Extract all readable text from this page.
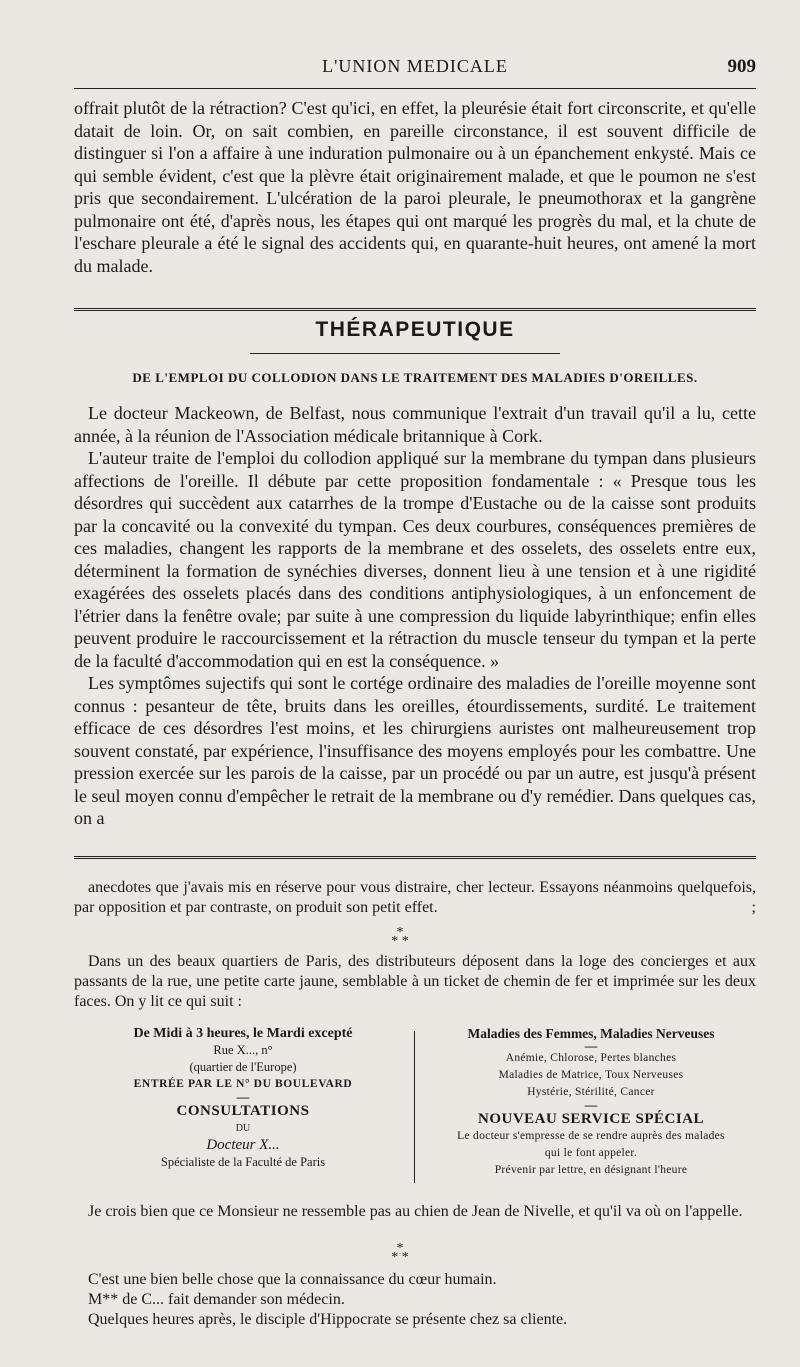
L'UNION MEDICALE	909

offrait plutôt de la rétraction? C'est qu'ici, en effet, la pleurésie était fort circonscrite, et qu'elle datait de loin. Or, on sait combien, en pareille circonstance, il est souvent difficile de distinguer si l'on a affaire à une induration pulmonaire ou à un épanchement enkysté. Mais ce qui semble évident, c'est que la plèvre était originairement malade, et que le poumon ne s'est pris que secondairement. L'ulcération de la paroi pleurale, le pneumothorax et la gangrène pulmonaire ont été, d'après nous, les étapes qui ont marqué les progrès du mal, et la chute de l'eschare pleurale a été le signal des accidents qui, en quarante-huit heures, ont amené la mort du malade.

THÉRAPEUTIQUE
DE L'EMPLOI DU COLLODION DANS LE TRAITEMENT DES MALADIES D'OREILLES.

Le docteur Mackeown, de Belfast, nous communique l'extrait d'un travail qu'il a lu, cette année, à la réunion de l'Association médicale britannique à Cork.

L'auteur traite de l'emploi du collodion appliqué sur la membrane du tympan dans plusieurs affections de l'oreille. Il débute par cette proposition fondamentale : « Presque tous les désordres qui succèdent aux catarrhes de la trompe d'Eustache ou de la caisse sont produits par la concavité ou la convexité du tympan. Ces deux courbures, conséquences premières de ces maladies, changent les rapports de la membrane et des osselets, des osselets entre eux, déterminent la formation de synéchies diverses, donnent lieu à une tension et à une rigidité exagérées des osselets placés dans des conditions antiphysiologiques, à un enfoncement de l'étrier dans la fenêtre ovale; par suite à une compression du liquide labyrinthique; enfin elles peuvent produire le raccourcissement et la rétraction du muscle tenseur du tympan et la perte de la faculté d'accommodation qui en est la conséquence. »

Les symptômes sujectifs qui sont le cortége ordinaire des maladies de l'oreille moyenne sont connus : pesanteur de tête, bruits dans les oreilles, étourdissements, surdité. Le traitement efficace de ces désordres l'est moins, et les chirurgiens auristes ont malheureusement trop souvent constaté, par expérience, l'insuffisance des moyens employés pour les combattre. Une pression exercée sur les parois de la caisse, par un procédé ou par un autre, est jusqu'à présent le seul moyen connu d'empêcher le retrait de la membrane ou d'y remédier. Dans quelques cas, on a

anecdotes que j'avais mis en réserve pour vous distraire, cher lecteur. Essayons néanmoins quelquefois, par opposition et par contraste, on produit son petit effet.	;

*
* *

Dans un des beaux quartiers de Paris, des distributeurs déposent dans la loge des concierges et aux passants de la rue, une petite carte jaune, semblable à un ticket de chemin de fer et imprimée sur les deux faces. On y lit ce qui suit :

De Midi à 3 heures, le Mardi excepté
Rue X..., n°
(quartier de l'Europe)
ENTRÉE PAR LE N° DU BOULEVARD
—
CONSULTATIONS
DU
Docteur X...
Spécialiste de la Faculté de Paris
Maladies des Femmes, Maladies Nerveuses
—
Anémie, Chlorose, Pertes blanches
Maladies de Matrice, Toux Nerveuses
Hystérie, Stérilité, Cancer
—
NOUVEAU SERVICE SPÉCIAL
Le docteur s'empresse de se rendre auprès des malades
qui le font appeler.
Prévenir par lettre, en désignant l'heure

Je crois bien que ce Monsieur ne ressemble pas au chien de Jean de Nivelle, et qu'il va où on l'appelle.

*
* *

C'est une bien belle chose que la connaissance du cœur humain.

M** de C... fait demander son médecin.

Quelques heures après, le disciple d'Hippocrate se présente chez sa cliente.
